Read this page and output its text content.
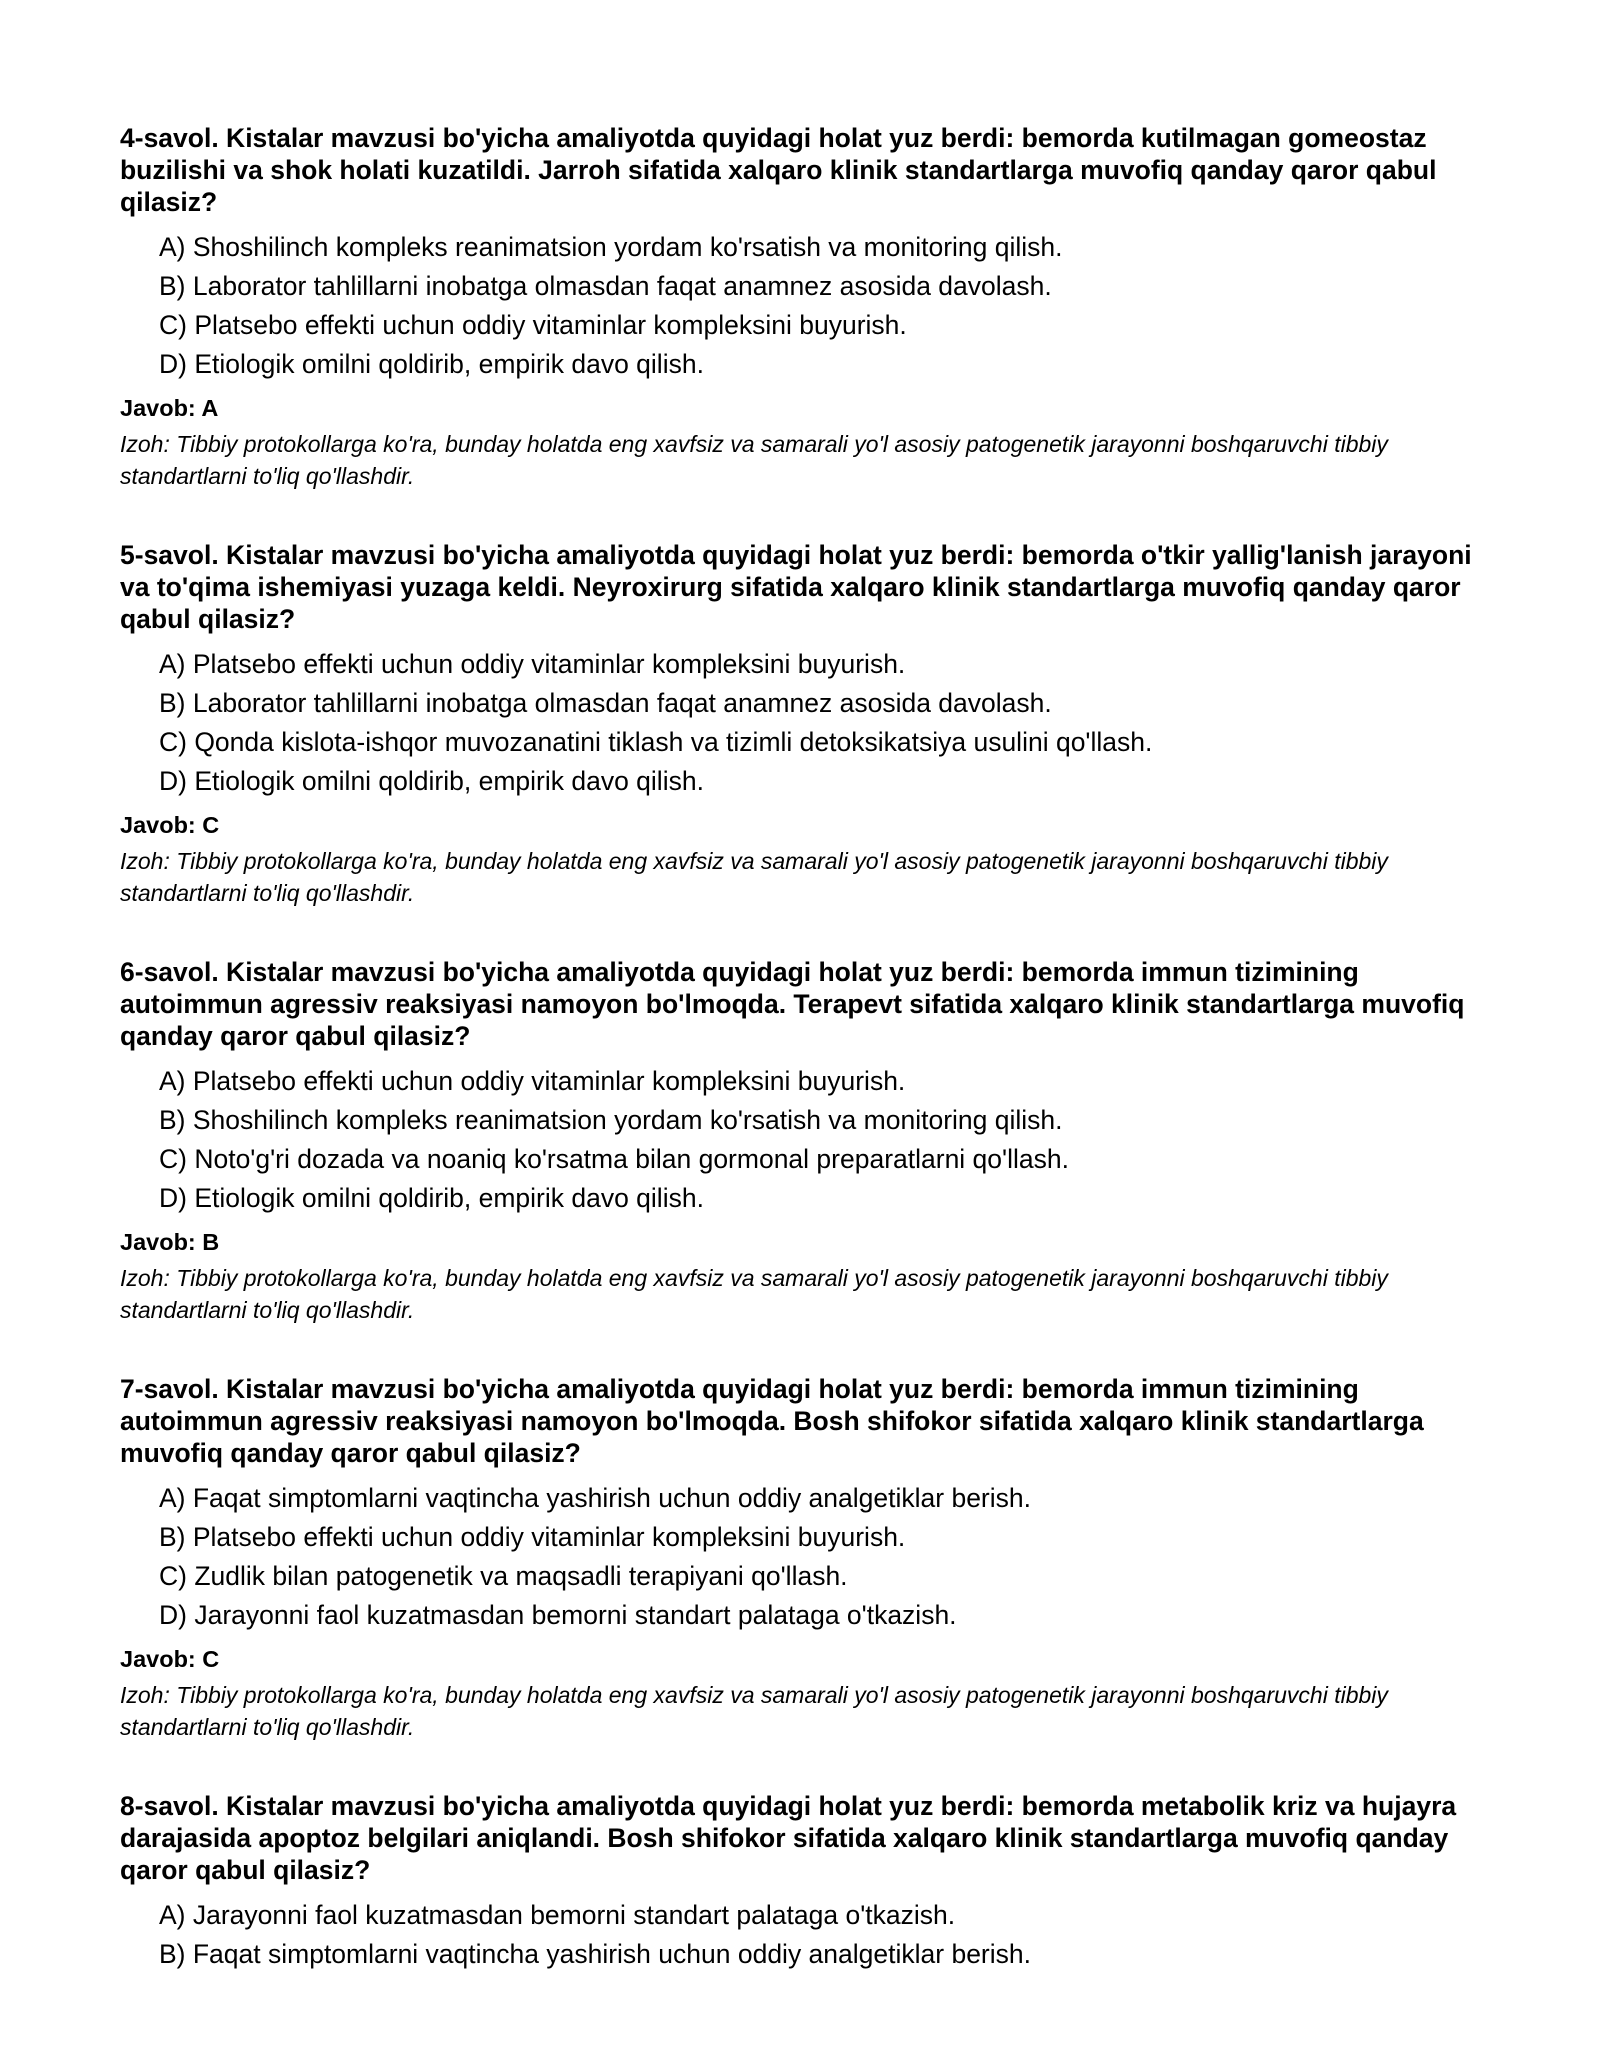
4-savol. Kistalar mavzusi bo'yicha amaliyotda quyidagi holat yuz berdi: bemorda kutilmagan gomeostaz buzilishi va shok holati kuzatildi. Jarroh sifatida xalqaro klinik standartlarga muvofiq qanday qaror qabul qilasiz?
A) Shoshilinch kompleks reanimatsion yordam ko'rsatish va monitoring qilish.
B) Laborator tahlillarni inobatga olmasdan faqat anamnez asosida davolash.
C) Platsebo effekti uchun oddiy vitaminlar kompleksini buyurish.
D) Etiologik omilni qoldirib, empirik davo qilish.
Javob: A
Izoh: Tibbiy protokollarga ko'ra, bunday holatda eng xavfsiz va samarali yo'l asosiy patogenetik jarayonni boshqaruvchi tibbiy standartlarni to'liq qo'llashdir.
5-savol. Kistalar mavzusi bo'yicha amaliyotda quyidagi holat yuz berdi: bemorda o'tkir yallig'lanish jarayoni va to'qima ishemiyasi yuzaga keldi. Neyroxirurg sifatida xalqaro klinik standartlarga muvofiq qanday qaror qabul qilasiz?
A) Platsebo effekti uchun oddiy vitaminlar kompleksini buyurish.
B) Laborator tahlillarni inobatga olmasdan faqat anamnez asosida davolash.
C) Qonda kislota-ishqor muvozanatini tiklash va tizimli detoksikatsiya usulini qo'llash.
D) Etiologik omilni qoldirib, empirik davo qilish.
Javob: C
Izoh: Tibbiy protokollarga ko'ra, bunday holatda eng xavfsiz va samarali yo'l asosiy patogenetik jarayonni boshqaruvchi tibbiy standartlarni to'liq qo'llashdir.
6-savol. Kistalar mavzusi bo'yicha amaliyotda quyidagi holat yuz berdi: bemorda immun tizimining autoimmun agressiv reaksiyasi namoyon bo'lmoqda. Terapevt sifatida xalqaro klinik standartlarga muvofiq qanday qaror qabul qilasiz?
A) Platsebo effekti uchun oddiy vitaminlar kompleksini buyurish.
B) Shoshilinch kompleks reanimatsion yordam ko'rsatish va monitoring qilish.
C) Noto'g'ri dozada va noaniq ko'rsatma bilan gormonal preparatlarni qo'llash.
D) Etiologik omilni qoldirib, empirik davo qilish.
Javob: B
Izoh: Tibbiy protokollarga ko'ra, bunday holatda eng xavfsiz va samarali yo'l asosiy patogenetik jarayonni boshqaruvchi tibbiy standartlarni to'liq qo'llashdir.
7-savol. Kistalar mavzusi bo'yicha amaliyotda quyidagi holat yuz berdi: bemorda immun tizimining autoimmun agressiv reaksiyasi namoyon bo'lmoqda. Bosh shifokor sifatida xalqaro klinik standartlarga muvofiq qanday qaror qabul qilasiz?
A) Faqat simptomlarni vaqtincha yashirish uchun oddiy analgetiklar berish.
B) Platsebo effekti uchun oddiy vitaminlar kompleksini buyurish.
C) Zudlik bilan patogenetik va maqsadli terapiyani qo'llash.
D) Jarayonni faol kuzatmasdan bemorni standart palataga o'tkazish.
Javob: C
Izoh: Tibbiy protokollarga ko'ra, bunday holatda eng xavfsiz va samarali yo'l asosiy patogenetik jarayonni boshqaruvchi tibbiy standartlarni to'liq qo'llashdir.
8-savol. Kistalar mavzusi bo'yicha amaliyotda quyidagi holat yuz berdi: bemorda metabolik kriz va hujayra darajasida apoptoz belgilari aniqlandi. Bosh shifokor sifatida xalqaro klinik standartlarga muvofiq qanday qaror qabul qilasiz?
A) Jarayonni faol kuzatmasdan bemorni standart palataga o'tkazish.
B) Faqat simptomlarni vaqtincha yashirish uchun oddiy analgetiklar berish.
